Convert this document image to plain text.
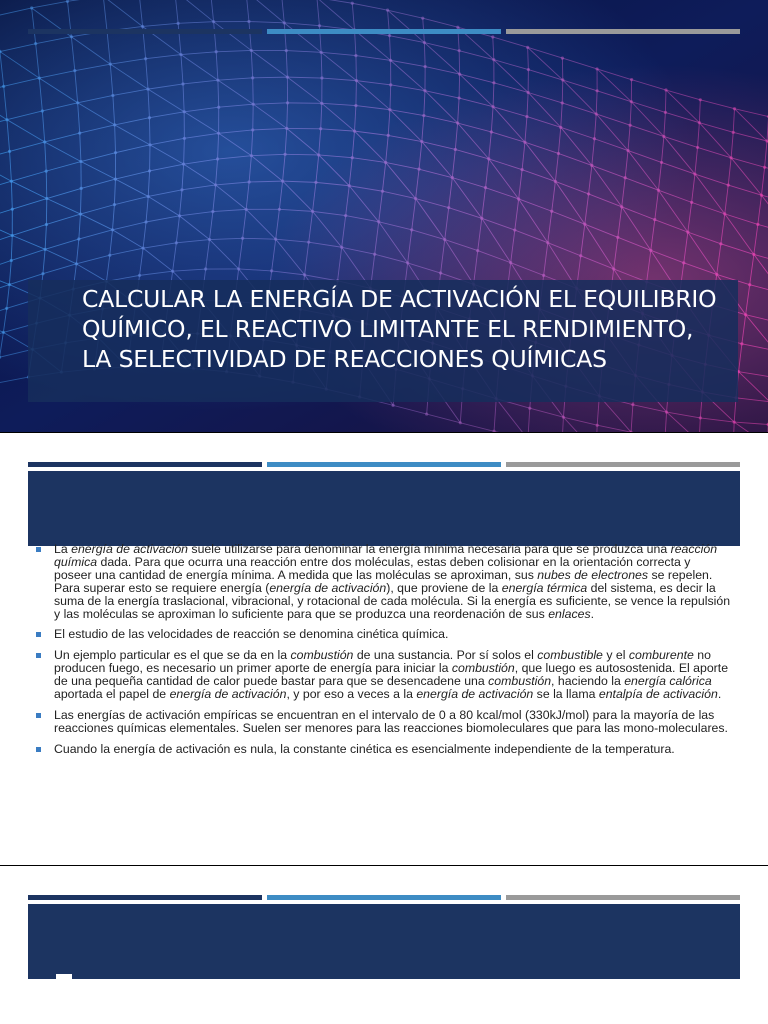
CALCULAR LA ENERGÍA DE ACTIVACIÓN EL EQUILIBRIO QUÍMICO, EL REACTIVO LIMITANTE EL RENDIMIENTO, LA SELECTIVIDAD DE REACCIONES QUÍMICAS
La energía de activación suele utilizarse para denominar la energía mínima necesaria para que se produzca una reacción química dada. Para que ocurra una reacción entre dos moléculas, estas deben colisionar en la orientación correcta y poseer una cantidad de energía mínima. A medida que las moléculas se aproximan, sus nubes de electrones se repelen. Para superar esto se requiere energía (energía de activación), que proviene de la energía térmica del sistema, es decir la suma de la energía traslacional, vibracional, y rotacional de cada molécula. Si la energía es suficiente, se vence la repulsión y las moléculas se aproximan lo suficiente para que se produzca una reordenación de sus enlaces.
El estudio de las velocidades de reacción se denomina cinética química.
Un ejemplo particular es el que se da en la combustión de una sustancia. Por sí solos el combustible y el comburente no producen fuego, es necesario un primer aporte de energía para iniciar la combustión, que luego es autosostenida. El aporte de una pequeña cantidad de calor puede bastar para que se desencadene una combustión, haciendo la energía calórica aportada el papel de energía de activación, y por eso a veces a la energía de activación se la llama entalpía de activación.
Las energías de activación empíricas se encuentran en el intervalo de 0 a 80 kcal/mol (330kJ/mol) para la mayoría de las reacciones químicas elementales. Suelen ser menores para las reacciones biomoleculares que para las mono-moleculares.
Cuando la energía de activación es nula, la constante cinética es esencialmente independiente de la temperatura.
